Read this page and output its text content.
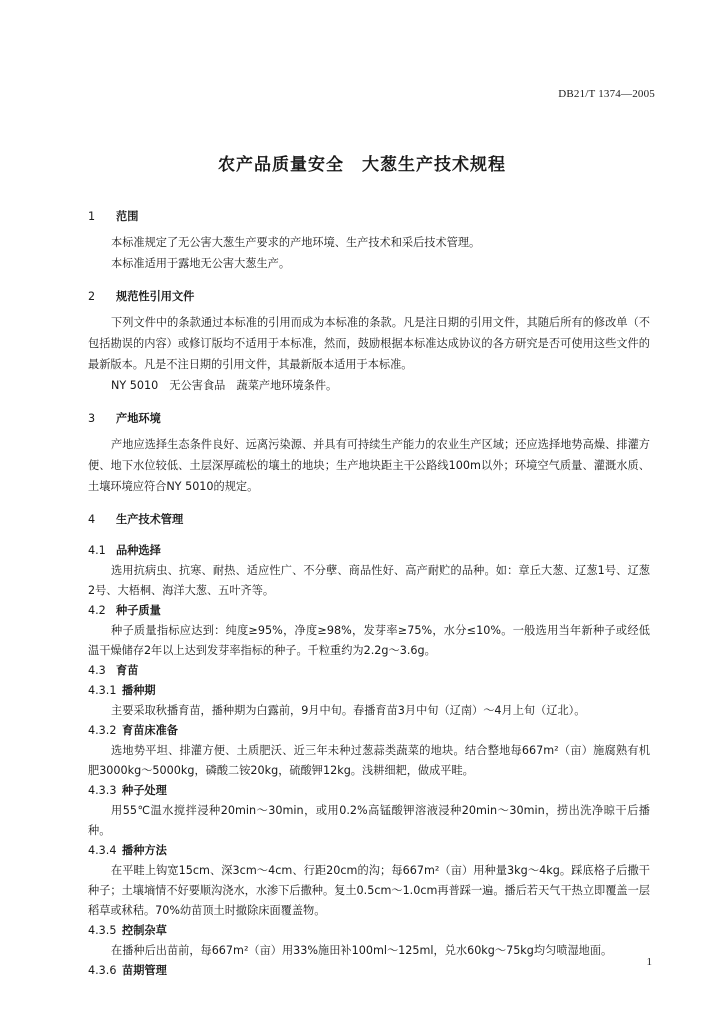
DB21/T 1374—2005
农产品质量安全　大葱生产技术规程
1 范围

本标准规定了无公害大葱生产要求的产地环境、生产技术和采后技术管理。

本标准适用于露地无公害大葱生产。

2 规范性引用文件

下列文件中的条款通过本标准的引用而成为本标准的条款。凡是注日期的引用文件，其随后所有的修改单（不包括勘误的内容）或修订版均不适用于本标准，然而，鼓励根据本标准达成协议的各方研究是否可使用这些文件的最新版本。凡是不注日期的引用文件，其最新版本适用于本标准。

NY 5010　无公害食品　蔬菜产地环境条件。

3 产地环境

产地应选择生态条件良好、远离污染源、并具有可持续生产能力的农业生产区域；还应选择地势高燥、排灌方便、地下水位较低、土层深厚疏松的壤土的地块；生产地块距主干公路线100m以外；环境空气质量、灌溉水质、土壤环境应符合NY 5010的规定。

4 生产技术管理
4.1 品种选择

选用抗病虫、抗寒、耐热、适应性广、不分孽、商品性好、高产耐贮的品种。如：章丘大葱、辽葱1号、辽葱2号、大梧桐、海洋大葱、五叶齐等。

4.2 种子质量

种子质量指标应达到：纯度≥95%，净度≥98%，发芽率≥75%，水分≤10%。一般选用当年新种子或经低温干燥储存2年以上达到发芽率指标的种子。千粒重约为2.2g～3.6g。

4.3 育苗
4.3.1 播种期

主要采取秋播育苗，播种期为白露前，9月中旬。春播育苗3月中旬（辽南）～4月上旬（辽北）。

4.3.2 育苗床准备

选地势平坦、排灌方便、土质肥沃、近三年未种过葱蒜类蔬菜的地块。结合整地每667m²（亩）施腐熟有机肥3000kg～5000kg，磷酸二铵20kg，硫酸钾12kg。浅耕细耙，做成平畦。

4.3.3 种子处理

用55℃温水搅拌浸种20min～30min，或用0.2%高锰酸钾溶液浸种20min～30min，捞出洗净晾干后播种。

4.3.4 播种方法

在平畦上钩宽15cm、深3cm～4cm、行距20cm的沟；每667m²（亩）用种量3kg～4kg。踩底格子后撒干种子；土壤墒情不好要顺沟浇水，水渗下后撒种。复土0.5cm～1.0cm再普踩一遍。播后若天气干热立即覆盖一层稻草或秫秸。70%幼苗顶土时撤除床面覆盖物。

4.3.5 控制杂草

在播种后出苗前，每667m²（亩）用33%施田补100ml～125ml，兑水60kg～75kg均匀喷湿地面。

4.3.6 苗期管理
1
